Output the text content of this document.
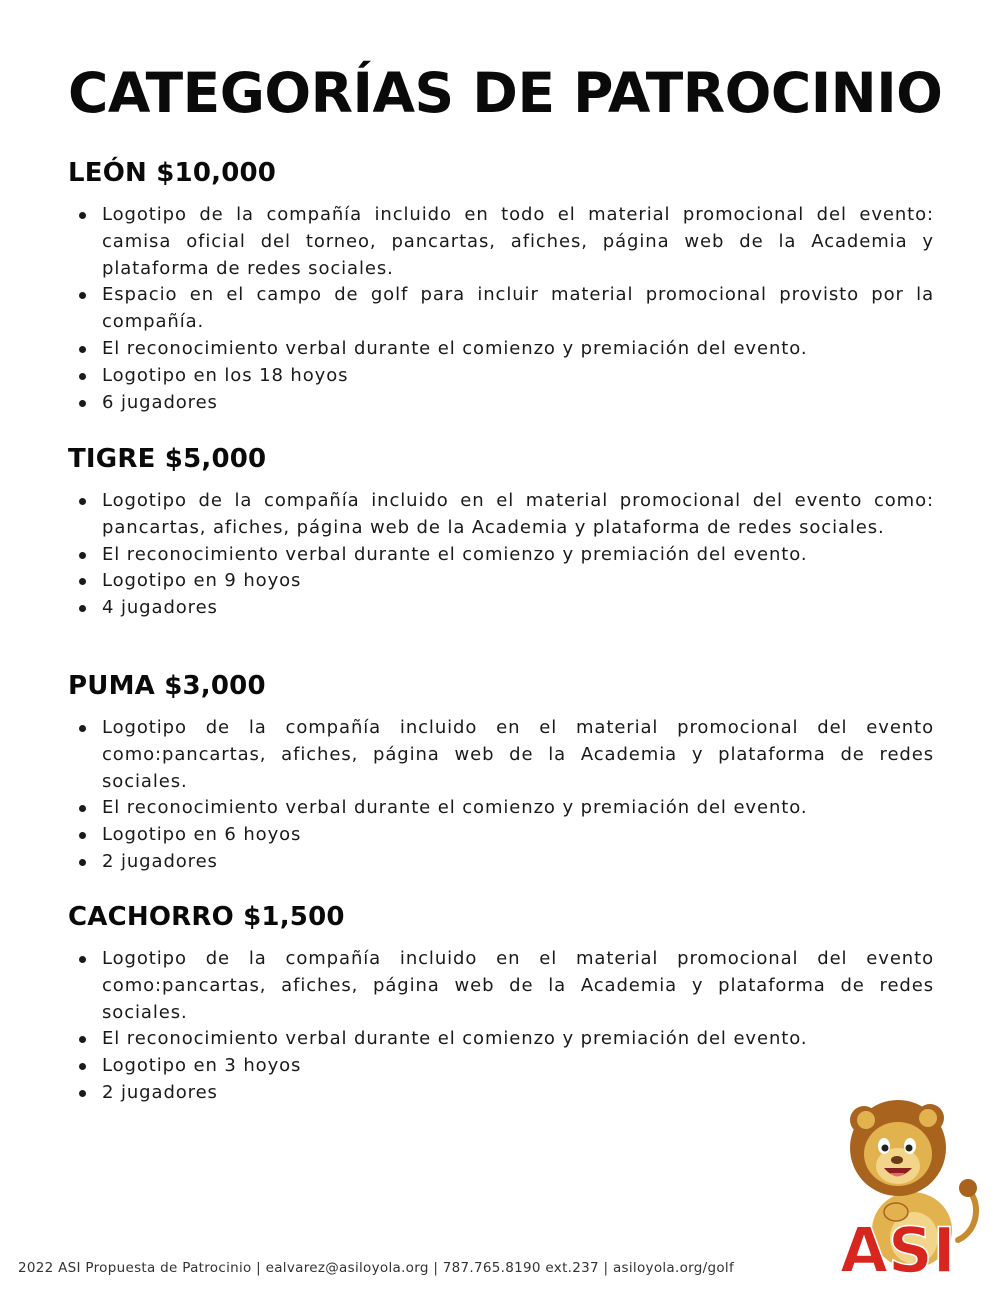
CATEGORÍAS DE PATROCINIO
LEÓN $10,000
Logotipo de la compañía incluido en todo el material promocional del evento: camisa oficial del torneo, pancartas, afiches, página web de la Academia y plataforma de redes sociales.
Espacio en el campo de golf para incluir material promocional provisto por la compañía.
El reconocimiento verbal durante el comienzo y premiación del evento.
Logotipo en los 18 hoyos
6 jugadores
TIGRE $5,000
Logotipo de la compañía incluido en el material promocional del evento como: pancartas, afiches, página web de la Academia y plataforma de redes sociales.
El reconocimiento verbal durante el comienzo y premiación del evento.
Logotipo en 9 hoyos
4 jugadores
PUMA $3,000
Logotipo de la compañía incluido en el material promocional del evento como:pancartas, afiches, página web de la Academia y plataforma de redes sociales.
El reconocimiento verbal durante el comienzo y premiación del evento.
Logotipo en 6 hoyos
2 jugadores
CACHORRO $1,500
Logotipo de la compañía incluido en el material promocional del evento como:pancartas, afiches, página web de la Academia y plataforma de redes sociales.
El reconocimiento verbal durante el comienzo y premiación del evento.
Logotipo en 3 hoyos
2 jugadores
2022 ASI Propuesta de Patrocinio | ealvarez@asiloyola.org | 787.765.8190 ext.237 | asiloyola.org/golf ASI
